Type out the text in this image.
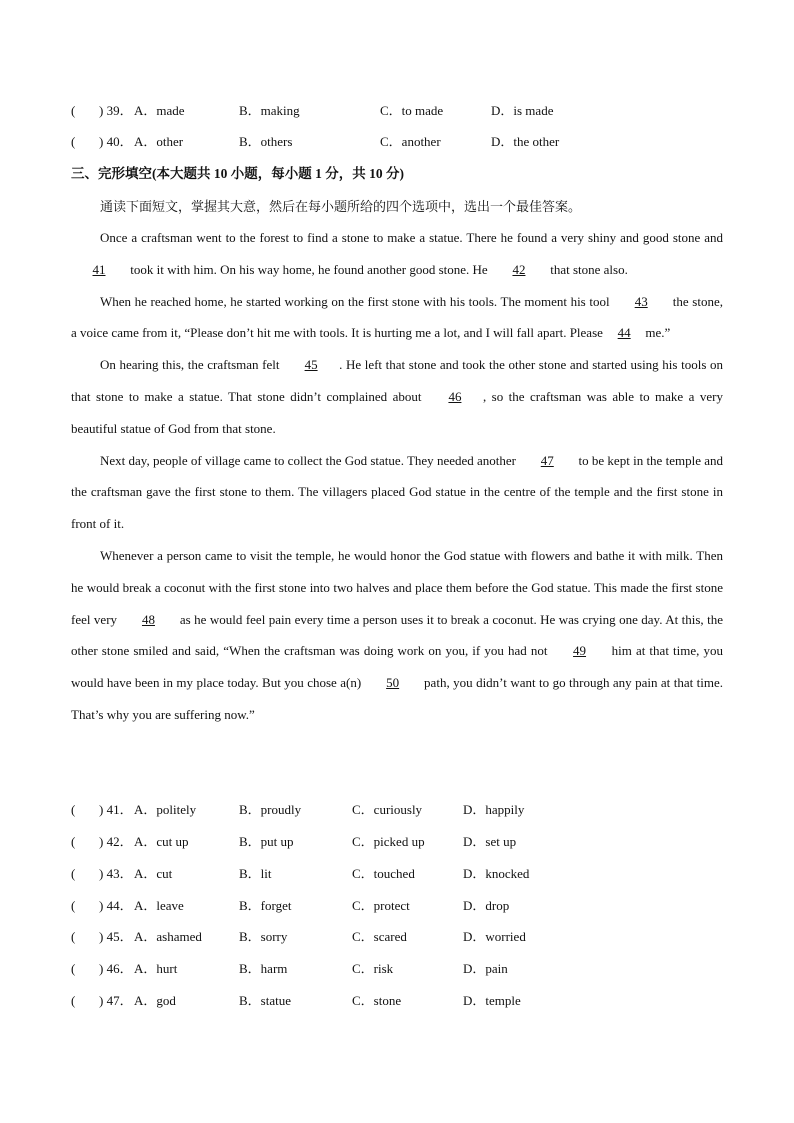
( ) 39． A．made	B．making	C．to made	D．is made
( ) 40． A．other	B．others	C．another	D．the other
三、完形填空(本大题共 10 小题，每小题 1 分，共 10 分)
通读下面短文，掌握其大意，然后在每小题所给的四个选项中，选出一个最佳答案。

Once a craftsman went to the forest to find a stone to make a statue. There he found a very shiny and good stone and 41 took it with him. On his way home, he found another good stone. He 42 that stone also.

When he reached home, he started working on the first stone with his tools. The moment his tool 43 the stone, a voice came from it, “Please don’t hit me with tools. It is hurting me a lot, and I will fall apart. Please 44 me.”

On hearing this, the craftsman felt 45 . He left that stone and took the other stone and started using his tools on that stone to make a statue. That stone didn’t complained about 46 , so the craftsman was able to make a very beautiful statue of God from that stone.

Next day, people of village came to collect the God statue. They needed another 47 to be kept in the temple and the craftsman gave the first stone to them. The villagers placed God statue in the centre of the temple and the first stone in front of it.

Whenever a person came to visit the temple, he would honor the God statue with flowers and bathe it with milk. Then he would break a coconut with the first stone into two halves and place them before the God statue. This made the first stone feel very 48 as he would feel pain every time a person uses it to break a coconut. He was crying one day. At this, the other stone smiled and said, “When the craftsman was doing work on you, if you had not 49 him at that time, you would have been in my place today. But you chose a(n) 50 path, you didn’t want to go through any pain at that time. That’s why you are suffering now.”

( ) 41． A．politely	B．proudly	C．curiously	D．happily
( ) 42． A．cut up	B．put up	C．picked up	D．set up
( ) 43． A．cut	B．lit	C．touched	D．knocked
( ) 44． A．leave	B．forget	C．protect	D．drop
( ) 45． A．ashamed	B．sorry	C．scared	D．worried
( ) 46． A．hurt	B．harm	C．risk	D．pain
( ) 47． A．god	B．statue	C．stone	D．temple
